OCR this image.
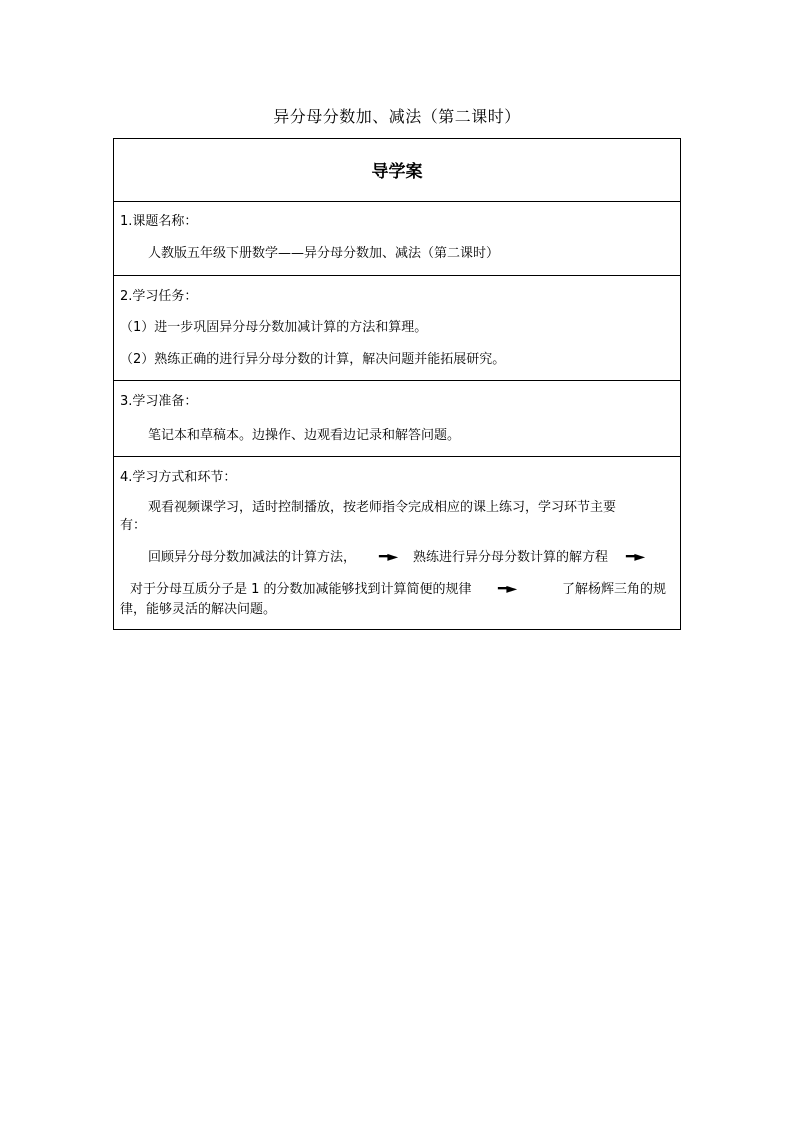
异分母分数加、减法（第二课时）
导学案
1.课题名称：
人教版五年级下册数学——异分母分数加、减法（第二课时）
2.学习任务：
（1）进一步巩固异分母分数加减计算的方法和算理。
（2）熟练正确的进行异分母分数的计算，解决问题并能拓展研究。
3.学习准备：
笔记本和草稿本。边操作、边观看边记录和解答问题。
4.学习方式和环节：
观看视频课学习，适时控制播放，按老师指令完成相应的课上练习，学习环节主要
有：
回顾异分母分数加减法的计算方法， ━► 熟练进行异分母分数计算的解方程 ━►
对于分母互质分子是 1 的分数加减能够找到计算简便的规律 ━►	了解杨辉三角的规
律，能够灵活的解决问题。
